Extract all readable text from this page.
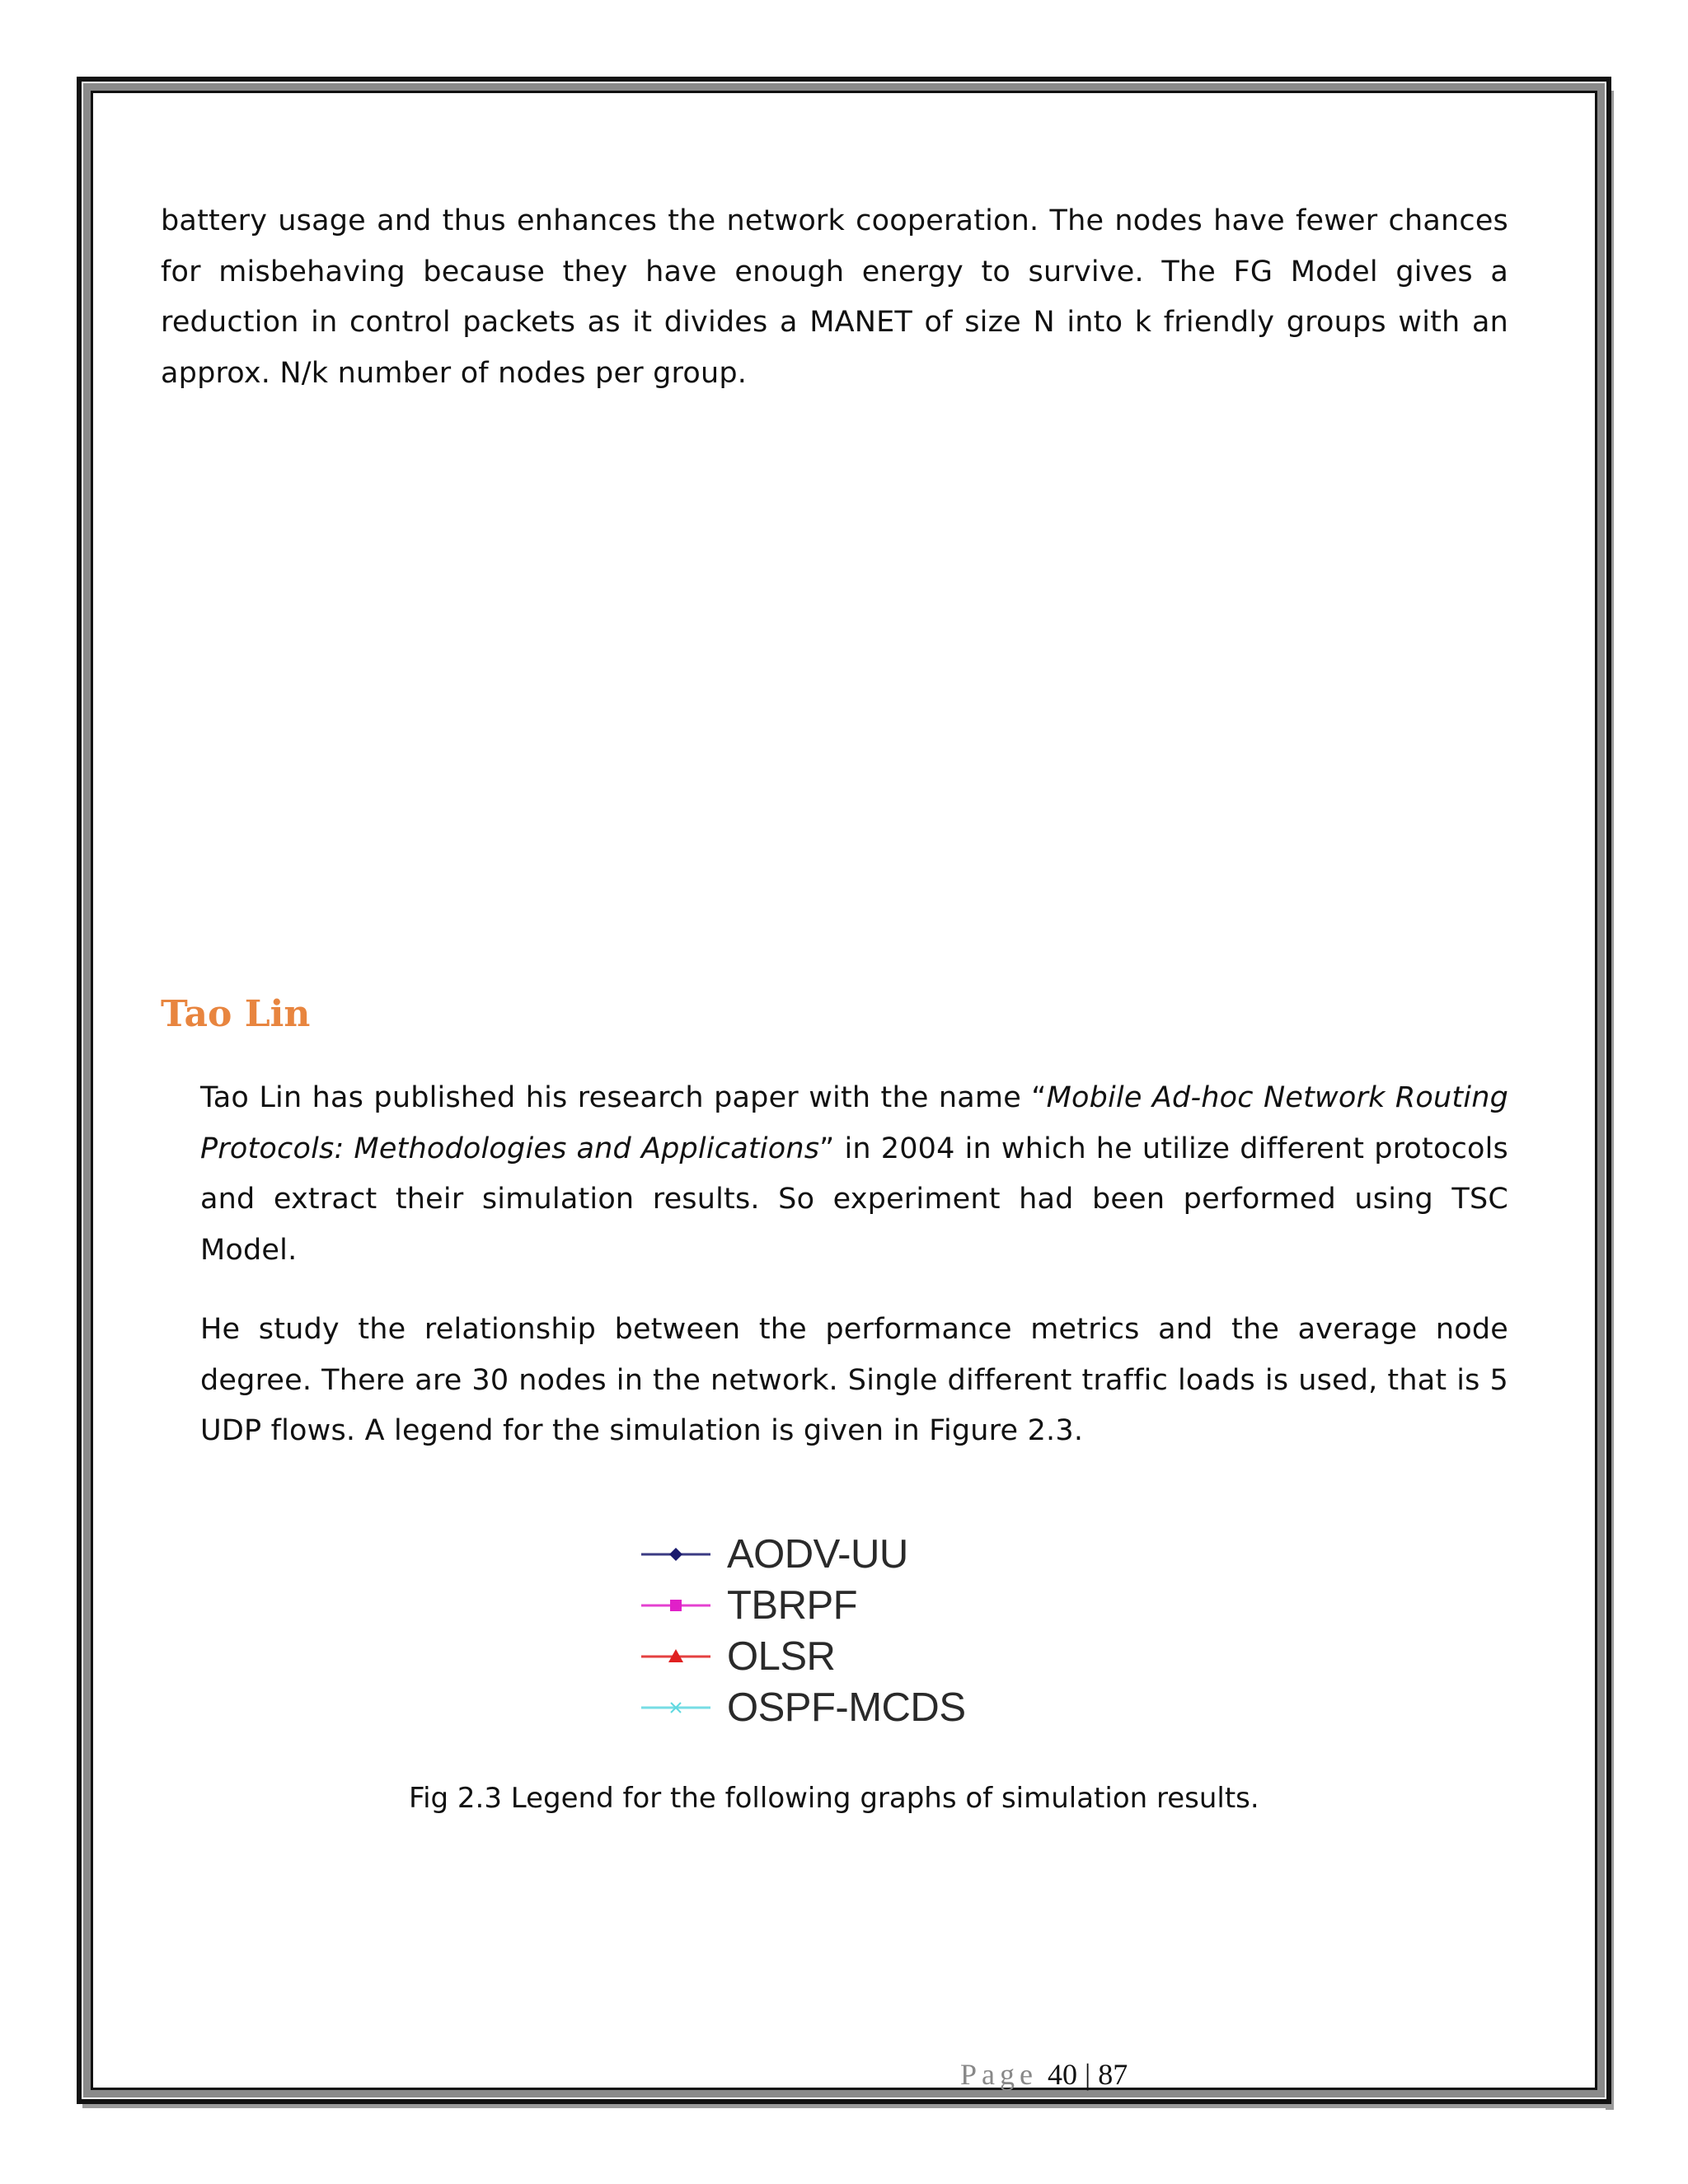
battery usage and thus enhances the network cooperation. The nodes have fewer chances for misbehaving because they have enough energy to survive. The FG Model gives a reduction in control packets as it divides a MANET of size N into k friendly groups with an approx. N/k number of nodes per group.

Tao Lin

Tao Lin has published his research paper with the name “Mobile Ad-hoc Network Routing Protocols: Methodologies and Applications” in 2004 in which he utilize different protocols and extract their simulation results. So experiment had been performed using TSC Model.

He study the relationship between the performance metrics and the average node degree. There are 30 nodes in the network. Single different traffic loads is used, that is 5 UDP flows. A legend for the simulation is given in Figure 2.3.

AODV-UU
TBRPF
OLSR
OSPF-MCDS

Fig 2.3 Legend for the following graphs of simulation results.

Page 40 | 87
